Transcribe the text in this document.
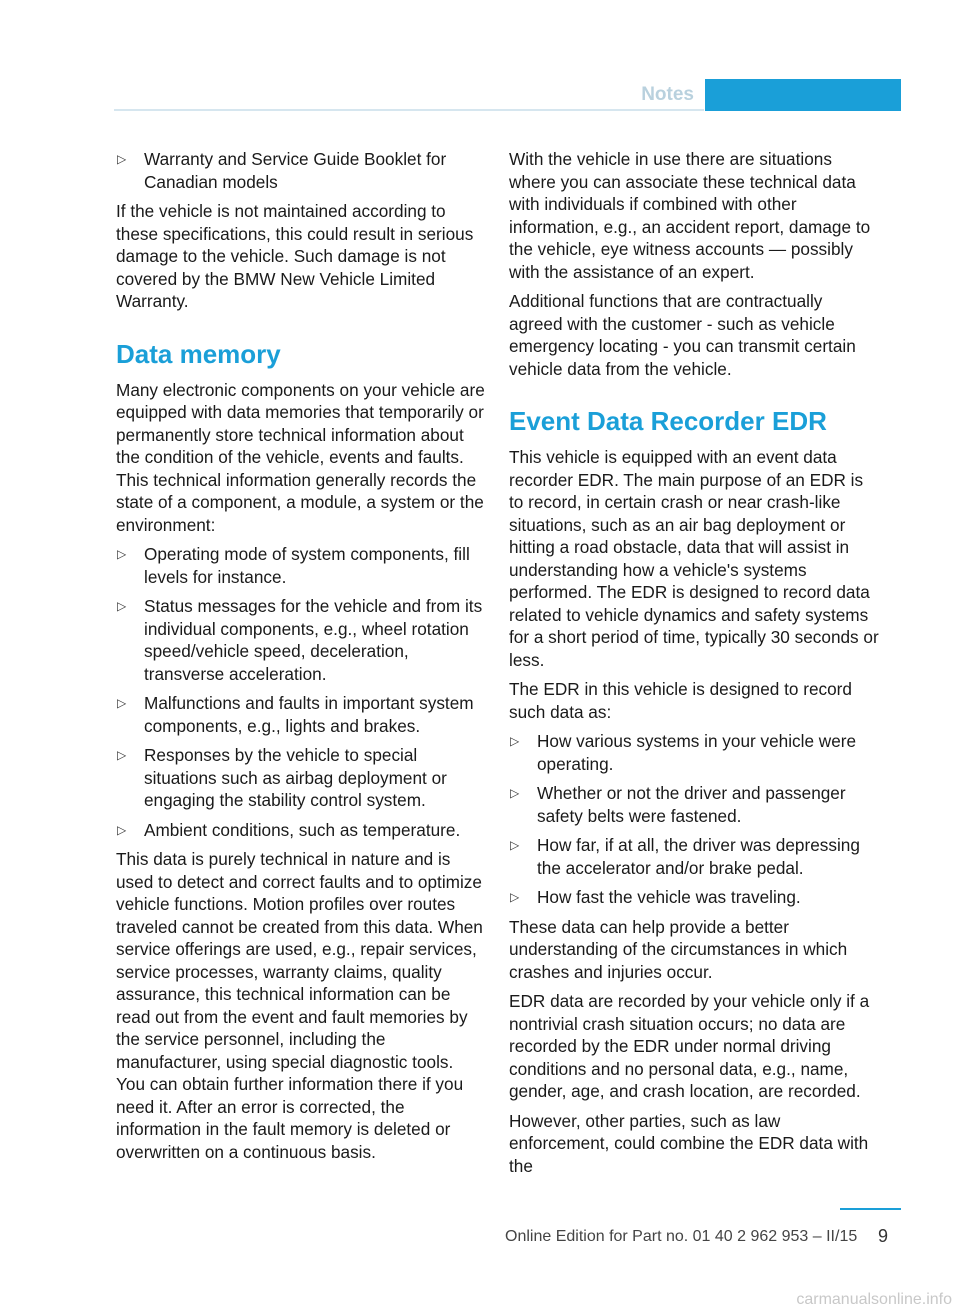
Notes
▷ Warranty and Service Guide Booklet for Canadian models

If the vehicle is not maintained according to these specifications, this could result in serious damage to the vehicle. Such damage is not covered by the BMW New Vehicle Limited Warranty.

Data memory

Many electronic components on your vehicle are equipped with data memories that temporarily or permanently store technical information about the condition of the vehicle, events and faults. This technical information generally records the state of a component, a module, a system or the environment:

▷ Operating mode of system components, fill levels for instance.
▷ Status messages for the vehicle and from its individual components, e.g., wheel rotation speed/vehicle speed, deceleration, transverse acceleration.
▷ Malfunctions and faults in important system components, e.g., lights and brakes.
▷ Responses by the vehicle to special situations such as airbag deployment or engaging the stability control system.
▷ Ambient conditions, such as temperature.

This data is purely technical in nature and is used to detect and correct faults and to optimize vehicle functions. Motion profiles over routes traveled cannot be created from this data. When service offerings are used, e.g., repair services, service processes, warranty claims, quality assurance, this technical information can be read out from the event and fault memories by the service personnel, including the manufacturer, using special diagnostic tools. You can obtain further information there if you need it. After an error is corrected, the information in the fault memory is deleted or overwritten on a continuous basis.

With the vehicle in use there are situations where you can associate these technical data with individuals if combined with other information, e.g., an accident report, damage to the vehicle, eye witness accounts — possibly with the assistance of an expert.

Additional functions that are contractually agreed with the customer - such as vehicle emergency locating - you can transmit certain vehicle data from the vehicle.

Event Data Recorder EDR

This vehicle is equipped with an event data recorder EDR. The main purpose of an EDR is to record, in certain crash or near crash-like situations, such as an air bag deployment or hitting a road obstacle, data that will assist in understanding how a vehicle's systems performed. The EDR is designed to record data related to vehicle dynamics and safety systems for a short period of time, typically 30 seconds or less.

The EDR in this vehicle is designed to record such data as:

▷ How various systems in your vehicle were operating.
▷ Whether or not the driver and passenger safety belts were fastened.
▷ How far, if at all, the driver was depressing the accelerator and/or brake pedal.
▷ How fast the vehicle was traveling.

These data can help provide a better understanding of the circumstances in which crashes and injuries occur.

EDR data are recorded by your vehicle only if a nontrivial crash situation occurs; no data are recorded by the EDR under normal driving conditions and no personal data, e.g., name, gender, age, and crash location, are recorded.

However, other parties, such as law enforcement, could combine the EDR data with the

Online Edition for Part no. 01 40 2 962 953 – II/15 9
carmanualsonline.info
